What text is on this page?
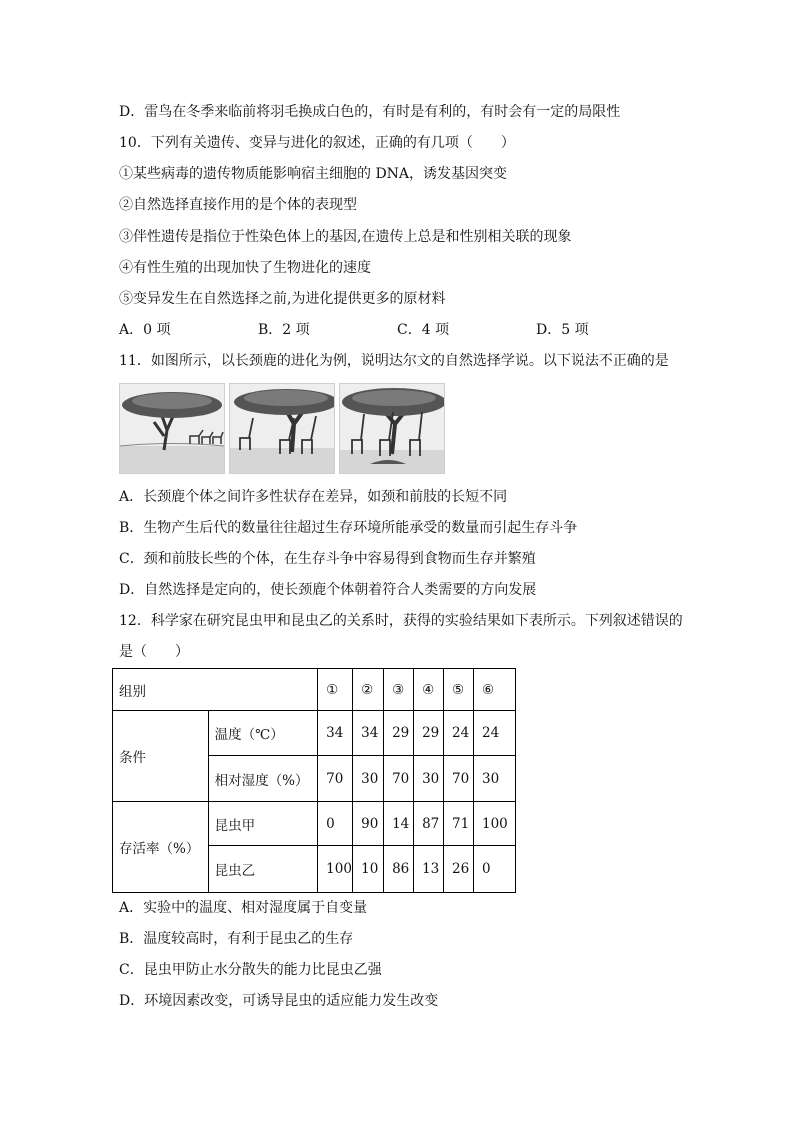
D．雷鸟在冬季来临前将羽毛换成白色的，有时是有利的，有时会有一定的局限性
10．下列有关遗传、变异与进化的叙述，正确的有几项（　　）
①某些病毒的遗传物质能影响宿主细胞的 DNA，诱发基因突变
②自然选择直接作用的是个体的表现型
③伴性遗传是指位于性染色体上的基因,在遗传上总是和性别相关联的现象
④有性生殖的出现加快了生物进化的速度
⑤变异发生在自然选择之前,为进化提供更多的原材料
A．0 项	B．2 项	C．4 项	D．5 项
11．如图所示，以长颈鹿的进化为例，说明达尔文的自然选择学说。以下说法不正确的是
A．长颈鹿个体之间许多性状存在差异，如颈和前肢的长短不同
B．生物产生后代的数量往往超过生存环境所能承受的数量而引起生存斗争
C．颈和前肢长些的个体，在生存斗争中容易得到食物而生存并繁殖
D．自然选择是定向的，使长颈鹿个体朝着符合人类需要的方向发展
12．科学家在研究昆虫甲和昆虫乙的关系时，获得的实验结果如下表所示。下列叙述错误的
是（　　）
组别		①	②	③	④	⑤	⑥
条件	温度（℃）	34	34	29	29	24	24
	相对湿度（%）	70	30	70	30	70	30
存活率（%）	昆虫甲	0	90	14	87	71	100
	昆虫乙	100	10	86	13	26	0
A．实验中的温度、相对湿度属于自变量
B．温度较高时，有利于昆虫乙的生存
C．昆虫甲防止水分散失的能力比昆虫乙强
D．环境因素改变，可诱导昆虫的适应能力发生改变
